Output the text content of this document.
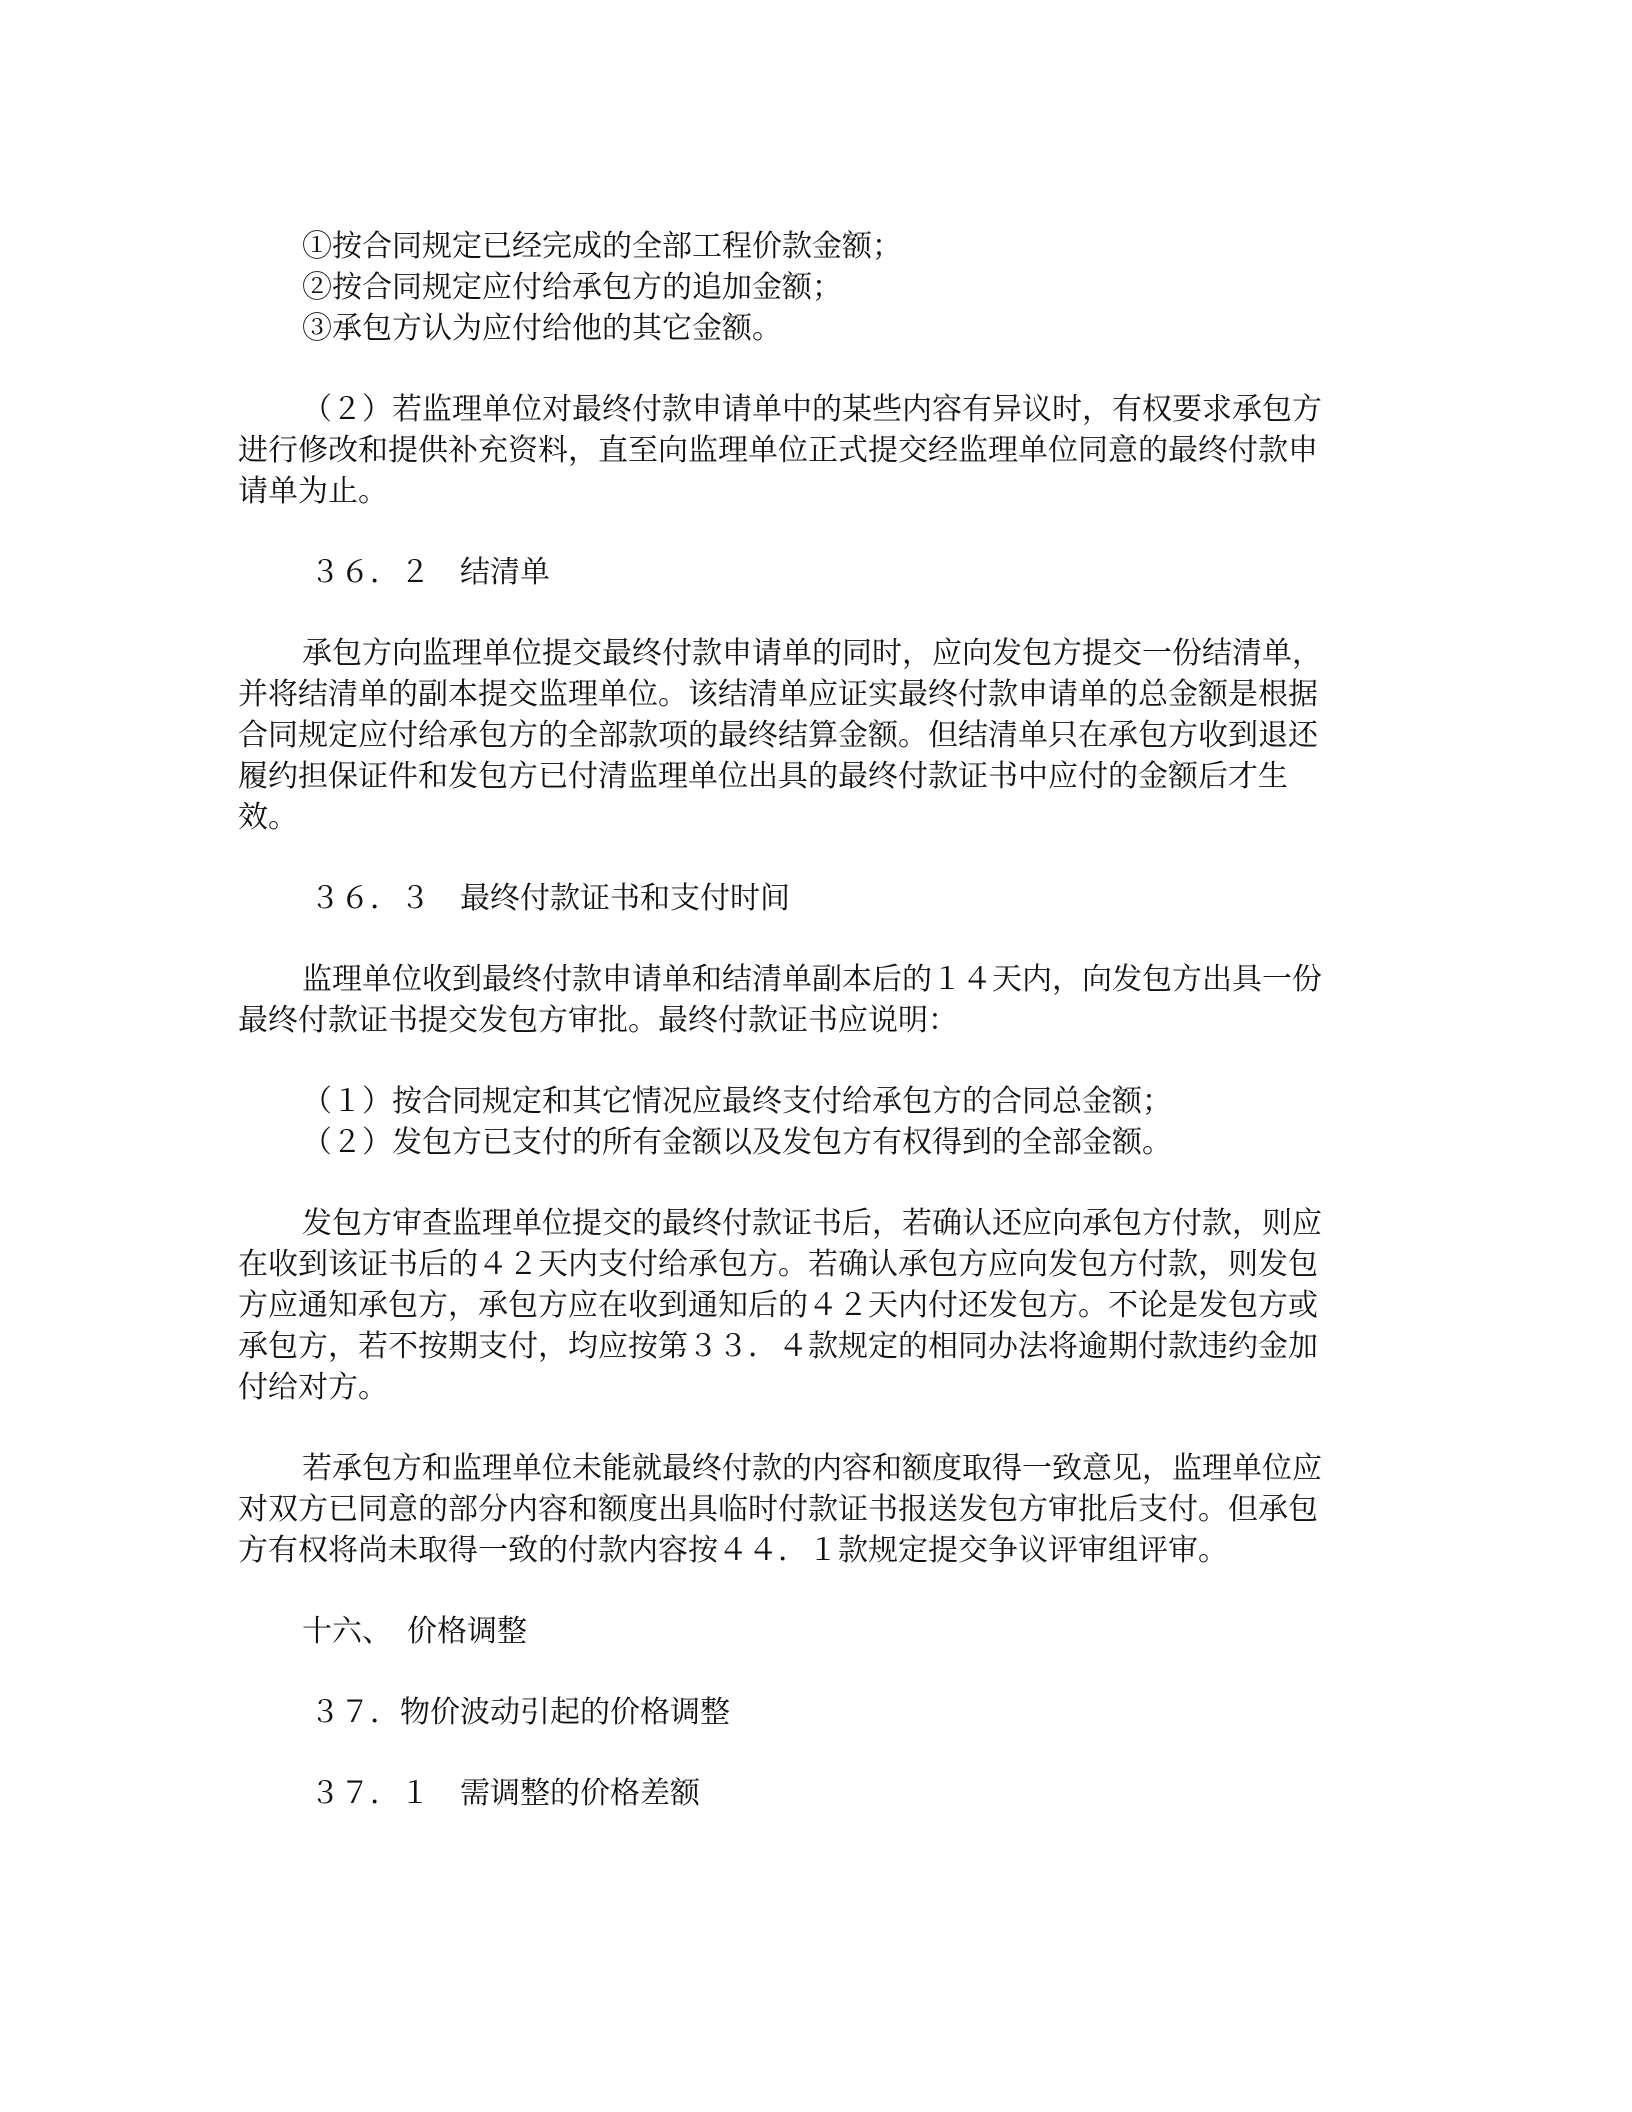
①按合同规定已经完成的全部工程价款金额；
②按合同规定应付给承包方的追加金额；
③承包方认为应付给他的其它金额。
（２）若监理单位对最终付款申请单中的某些内容有异议时，有权要求承包方
进行修改和提供补充资料，直至向监理单位正式提交经监理单位同意的最终付款申
请单为止。
３６．２　结清单
承包方向监理单位提交最终付款申请单的同时，应向发包方提交一份结清单，
并将结清单的副本提交监理单位。该结清单应证实最终付款申请单的总金额是根据
合同规定应付给承包方的全部款项的最终结算金额。但结清单只在承包方收到退还
履约担保证件和发包方已付清监理单位出具的最终付款证书中应付的金额后才生
效。
３６．３　最终付款证书和支付时间
监理单位收到最终付款申请单和结清单副本后的１４天内，向发包方出具一份
最终付款证书提交发包方审批。最终付款证书应说明：
（１）按合同规定和其它情况应最终支付给承包方的合同总金额；
（２）发包方已支付的所有金额以及发包方有权得到的全部金额。
发包方审查监理单位提交的最终付款证书后，若确认还应向承包方付款，则应
在收到该证书后的４２天内支付给承包方。若确认承包方应向发包方付款，则发包
方应通知承包方，承包方应在收到通知后的４２天内付还发包方。不论是发包方或
承包方，若不按期支付，均应按第３３．４款规定的相同办法将逾期付款违约金加
付给对方。
若承包方和监理单位未能就最终付款的内容和额度取得一致意见，监理单位应
对双方已同意的部分内容和额度出具临时付款证书报送发包方审批后支付。但承包
方有权将尚未取得一致的付款内容按４４．１款规定提交争议评审组评审。
十六、　价格调整
３７．物价波动引起的价格调整
３７．１　需调整的价格差额
